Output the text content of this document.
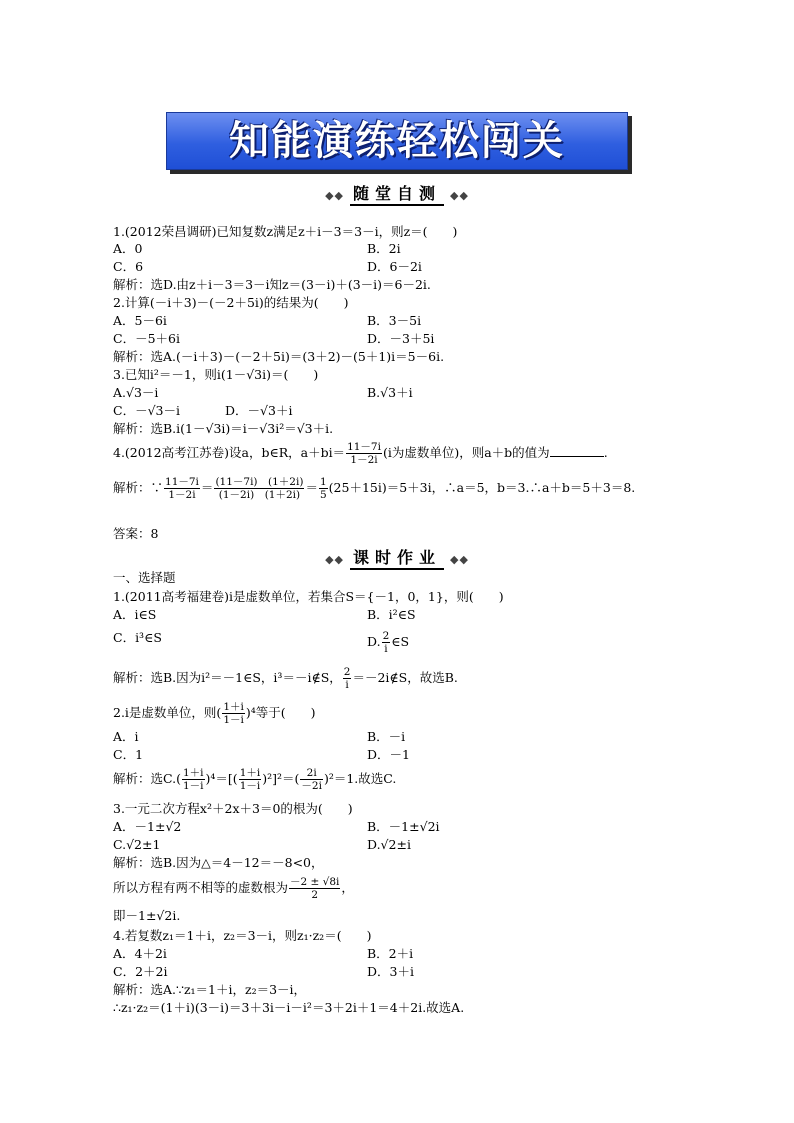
知能演练轻松闯关
◆◆ 随堂自测 ◆◆
1.(2012荣昌调研)已知复数z满足z＋i－3＝3－i，则z＝(　　)
A．0	B．2i
C．6	D．6－2i
解析：选D.由z＋i－3＝3－i知z＝(3－i)＋(3－i)＝6－2i.
2.计算(－i＋3)－(－2＋5i)的结果为(　　)
A．5－6i	B．3－5i
C．－5＋6i	D．－3＋5i
解析：选A.(－i＋3)－(－2＋5i)＝(3＋2)－(5＋1)i＝5－6i.
3.已知i²＝－1，则i(1－√3i)＝(　　)
A.√3－i	B.√3＋i
C．－√3－i	D．－√3＋i
解析：选B.i(1－√3i)＝i－√3i²＝√3＋i.
4.(2012高考江苏卷)设a，b∈R，$a+bi= \frac{11-7i}{1-2i} (i$为虚数单位)，则a＋b的值为	.
解析：∵ $\frac{11-7i}{1-2i} = \frac{(11-7i) (1+2i)}{(1-2i) (1+2i)} = \frac{1}{5} (25+15i)=5+3i$，∴a＝5，b＝3.∴a＋b＝5＋3＝8.
答案：8
◆◆ 课时作业 ◆◆
一、选择题
1.(2011高考福建卷)i是虚数单位，若集合S＝{－1，0，1}，则(　　)
A．i∈S	B．i²∈S
C．i³∈S	D. $\frac{2}{i}$ ∈S
解析：选B.因为i²＝－1∈S，i³＝－i∉S， $\frac{2}{i}$ ＝－2i∉S，故选B.
2.i是虚数单位，则( $\frac{1+i}{1-i} )^4$等于(　　)
A．i	B．－i
C．1	D．－1
解析：选$C.( \frac{1+i}{1-i} )^4=[( \frac{1+i}{1-i} )^2]^2=( \frac{2i}{-2i} )^2=1$.故选C.
3.一元二次方程x²＋2x＋3＝0的根为(　　)
A．－1±√2	B．－1±√2i
C.√2±1	D.√2±i
解析：选B.因为△＝4－12＝－8<0，
所以方程有两不相等的虚数根为 $\frac{-2 \pm √8i}{2}$ ，
即－1±√2i.
4.若复数z₁＝1＋i，z₂＝3－i，则z₁·z₂＝(　　)
A．4＋2i	B．2＋i
C．2＋2i	D．3＋i
解析：选A.∵z₁＝1＋i，z₂＝3－i，
∴z₁·z₂＝(1＋i)(3－i)＝3＋3i－i－i²＝3＋2i＋1＝4＋2i.故选A.
